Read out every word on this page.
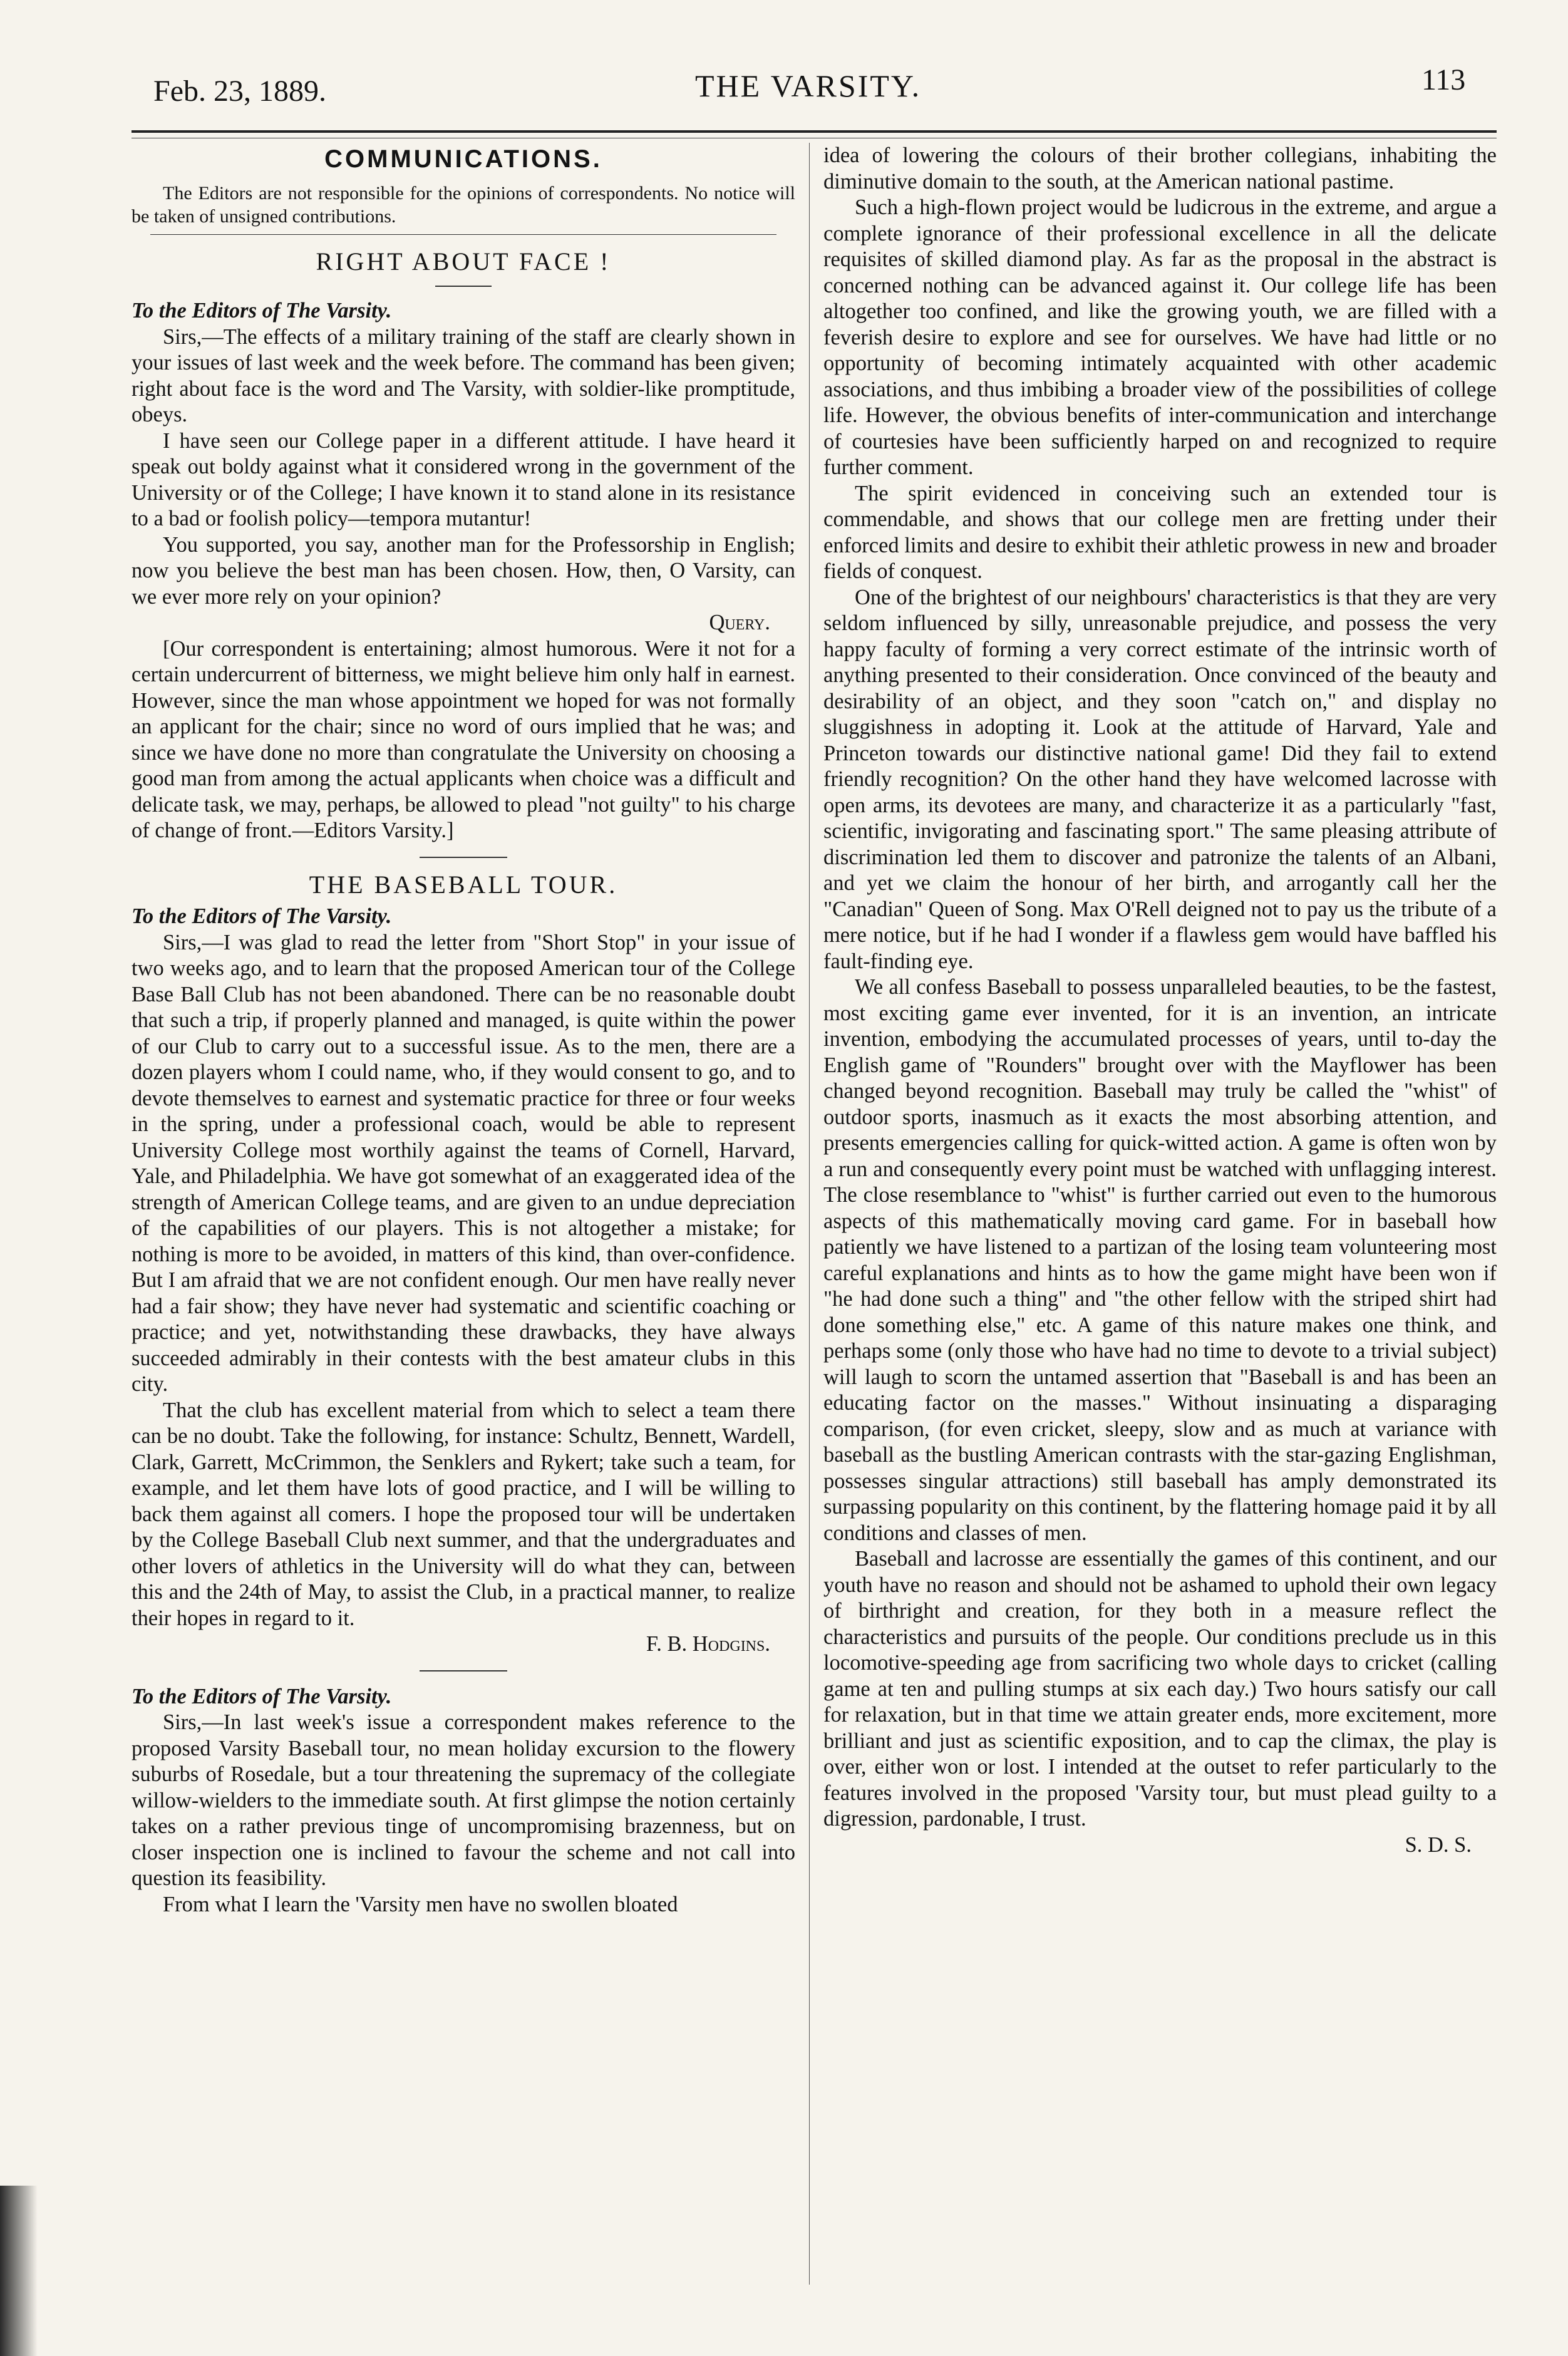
Feb. 23, 1889.	THE VARSITY.	113
COMMUNICATIONS.

The Editors are not responsible for the opinions of correspondents. No notice will be taken of unsigned contributions.

RIGHT ABOUT FACE !

To the Editors of The Varsity.

Sirs,—The effects of a military training of the staff are clearly shown in your issues of last week and the week before. The command has been given; right about face is the word and The Varsity, with soldier-like promptitude, obeys.

I have seen our College paper in a different attitude. I have heard it speak out boldy against what it considered wrong in the government of the University or of the College; I have known it to stand alone in its resistance to a bad or foolish policy—tempora mutantur!

You supported, you say, another man for the Professorship in English; now you believe the best man has been chosen. How, then, O Varsity, can we ever more rely on your opinion?

Query.

[Our correspondent is entertaining; almost humorous. Were it not for a certain undercurrent of bitterness, we might believe him only half in earnest. However, since the man whose appointment we hoped for was not formally an applicant for the chair; since no word of ours implied that he was; and since we have done no more than congratulate the University on choosing a good man from among the actual applicants when choice was a difficult and delicate task, we may, perhaps, be allowed to plead "not guilty" to his charge of change of front.—Editors Varsity.]

THE BASEBALL TOUR.

To the Editors of The Varsity.

Sirs,—I was glad to read the letter from "Short Stop" in your issue of two weeks ago, and to learn that the proposed American tour of the College Base Ball Club has not been abandoned. There can be no reasonable doubt that such a trip, if properly planned and managed, is quite within the power of our Club to carry out to a successful issue. As to the men, there are a dozen players whom I could name, who, if they would consent to go, and to devote themselves to earnest and systematic practice for three or four weeks in the spring, under a professional coach, would be able to represent University College most worthily against the teams of Cornell, Harvard, Yale, and Philadelphia. We have got somewhat of an exaggerated idea of the strength of American College teams, and are given to an undue depreciation of the capabilities of our players. This is not altogether a mistake; for nothing is more to be avoided, in matters of this kind, than over-confidence. But I am afraid that we are not confident enough. Our men have really never had a fair show; they have never had systematic and scientific coaching or practice; and yet, notwithstanding these drawbacks, they have always succeeded admirably in their contests with the best amateur clubs in this city.

That the club has excellent material from which to select a team there can be no doubt. Take the following, for instance: Schultz, Bennett, Wardell, Clark, Garrett, McCrimmon, the Senklers and Rykert; take such a team, for example, and let them have lots of good practice, and I will be willing to back them against all comers. I hope the proposed tour will be undertaken by the College Baseball Club next summer, and that the undergraduates and other lovers of athletics in the University will do what they can, between this and the 24th of May, to assist the Club, in a practical manner, to realize their hopes in regard to it.

F. B. Hodgins.

To the Editors of The Varsity.

Sirs,—In last week's issue a correspondent makes reference to the proposed Varsity Baseball tour, no mean holiday excursion to the flowery suburbs of Rosedale, but a tour threatening the supremacy of the collegiate willow-wielders to the immediate south. At first glimpse the notion certainly takes on a rather previous tinge of uncompromising brazenness, but on closer inspection one is inclined to favour the scheme and not call into question its feasibility.

From what I learn the 'Varsity men have no swollen bloated

idea of lowering the colours of their brother collegians, inhabiting the diminutive domain to the south, at the American national pastime.

Such a high-flown project would be ludicrous in the extreme, and argue a complete ignorance of their professional excellence in all the delicate requisites of skilled diamond play. As far as the proposal in the abstract is concerned nothing can be advanced against it. Our college life has been altogether too confined, and like the growing youth, we are filled with a feverish desire to explore and see for ourselves. We have had little or no opportunity of becoming intimately acquainted with other academic associations, and thus imbibing a broader view of the possibilities of college life. However, the obvious benefits of inter-communication and interchange of courtesies have been sufficiently harped on and recognized to require further comment.

The spirit evidenced in conceiving such an extended tour is commendable, and shows that our college men are fretting under their enforced limits and desire to exhibit their athletic prowess in new and broader fields of conquest.

One of the brightest of our neighbours' characteristics is that they are very seldom influenced by silly, unreasonable prejudice, and possess the very happy faculty of forming a very correct estimate of the intrinsic worth of anything presented to their consideration. Once convinced of the beauty and desirability of an object, and they soon "catch on," and display no sluggishness in adopting it. Look at the attitude of Harvard, Yale and Princeton towards our distinctive national game! Did they fail to extend friendly recognition? On the other hand they have welcomed lacrosse with open arms, its devotees are many, and characterize it as a particularly "fast, scientific, invigorating and fascinating sport." The same pleasing attribute of discrimination led them to discover and patronize the talents of an Albani, and yet we claim the honour of her birth, and arrogantly call her the "Canadian" Queen of Song. Max O'Rell deigned not to pay us the tribute of a mere notice, but if he had I wonder if a flawless gem would have baffled his fault-finding eye.

We all confess Baseball to possess unparalleled beauties, to be the fastest, most exciting game ever invented, for it is an invention, an intricate invention, embodying the accumulated processes of years, until to-day the English game of "Rounders" brought over with the Mayflower has been changed beyond recognition. Baseball may truly be called the "whist" of outdoor sports, inasmuch as it exacts the most absorbing attention, and presents emergencies calling for quick-witted action. A game is often won by a run and consequently every point must be watched with unflagging interest. The close resemblance to "whist" is further carried out even to the humorous aspects of this mathematically moving card game. For in baseball how patiently we have listened to a partizan of the losing team volunteering most careful explanations and hints as to how the game might have been won if "he had done such a thing" and "the other fellow with the striped shirt had done something else," etc. A game of this nature makes one think, and perhaps some (only those who have had no time to devote to a trivial subject) will laugh to scorn the untamed assertion that "Baseball is and has been an educating factor on the masses." Without insinuating a disparaging comparison, (for even cricket, sleepy, slow and as much at variance with baseball as the bustling American contrasts with the star-gazing Englishman, possesses singular attractions) still baseball has amply demonstrated its surpassing popularity on this continent, by the flattering homage paid it by all conditions and classes of men.

Baseball and lacrosse are essentially the games of this continent, and our youth have no reason and should not be ashamed to uphold their own legacy of birthright and creation, for they both in a measure reflect the characteristics and pursuits of the people. Our conditions preclude us in this locomotive-speeding age from sacrificing two whole days to cricket (calling game at ten and pulling stumps at six each day.) Two hours satisfy our call for relaxation, but in that time we attain greater ends, more excitement, more brilliant and just as scientific exposition, and to cap the climax, the play is over, either won or lost. I intended at the outset to refer particularly to the features involved in the proposed 'Varsity tour, but must plead guilty to a digression, pardonable, I trust.

S. D. S.
